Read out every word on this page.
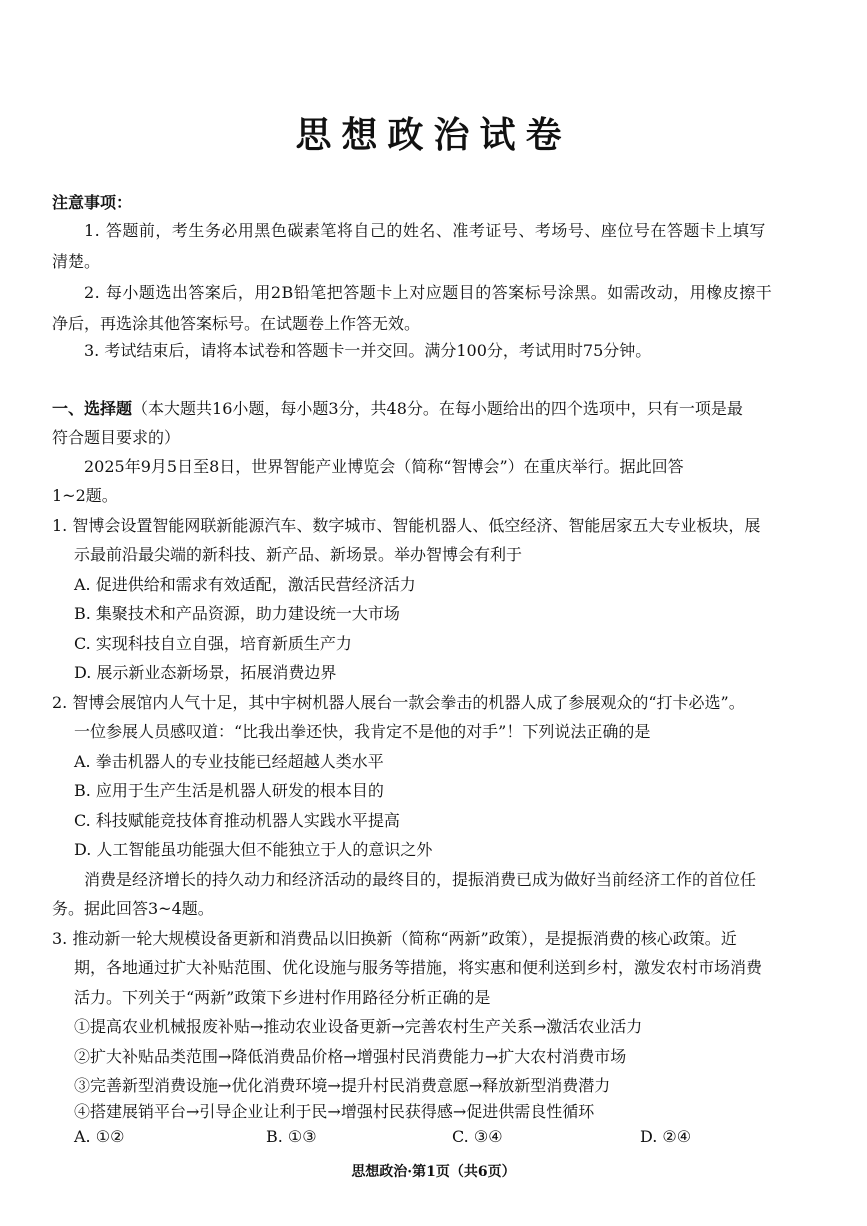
思想政治试卷
注意事项：
1. 答题前，考生务必用黑色碳素笔将自己的姓名、准考证号、考场号、座位号在答题卡上填写
清楚。
2. 每小题选出答案后，用2B铅笔把答题卡上对应题目的答案标号涂黑。如需改动，用橡皮擦干
净后，再选涂其他答案标号。在试题卷上作答无效。
3. 考试结束后，请将本试卷和答题卡一并交回。满分100分，考试用时75分钟。
一、选择题（本大题共16小题，每小题3分，共48分。在每小题给出的四个选项中，只有一项是最
符合题目要求的）
2025年9月5日至8日，世界智能产业博览会（简称“智博会”）在重庆举行。据此回答
1~2题。
1. 智博会设置智能网联新能源汽车、数字城市、智能机器人、低空经济、智能居家五大专业板块，展
示最前沿最尖端的新科技、新产品、新场景。举办智博会有利于
A. 促进供给和需求有效适配，激活民营经济活力
B. 集聚技术和产品资源，助力建设统一大市场
C. 实现科技自立自强，培育新质生产力
D. 展示新业态新场景，拓展消费边界
2. 智博会展馆内人气十足，其中宇树机器人展台一款会拳击的机器人成了参展观众的“打卡必选”。
一位参展人员感叹道：“比我出拳还快，我肯定不是他的对手”！下列说法正确的是
A. 拳击机器人的专业技能已经超越人类水平
B. 应用于生产生活是机器人研发的根本目的
C. 科技赋能竞技体育推动机器人实践水平提高
D. 人工智能虽功能强大但不能独立于人的意识之外
消费是经济增长的持久动力和经济活动的最终目的，提振消费已成为做好当前经济工作的首位任
务。据此回答3~4题。
3. 推动新一轮大规模设备更新和消费品以旧换新（简称“两新”政策），是提振消费的核心政策。近
期，各地通过扩大补贴范围、优化设施与服务等措施，将实惠和便利送到乡村，激发农村市场消费
活力。下列关于“两新”政策下乡进村作用路径分析正确的是
①提高农业机械报废补贴→推动农业设备更新→完善农村生产关系→激活农业活力
②扩大补贴品类范围→降低消费品价格→增强村民消费能力→扩大农村消费市场
③完善新型消费设施→优化消费环境→提升村民消费意愿→释放新型消费潜力
④搭建展销平台→引导企业让利于民→增强村民获得感→促进供需良性循环
A. ①②	B. ①③	C. ③④	D. ②④
思想政治·第1页（共6页）
